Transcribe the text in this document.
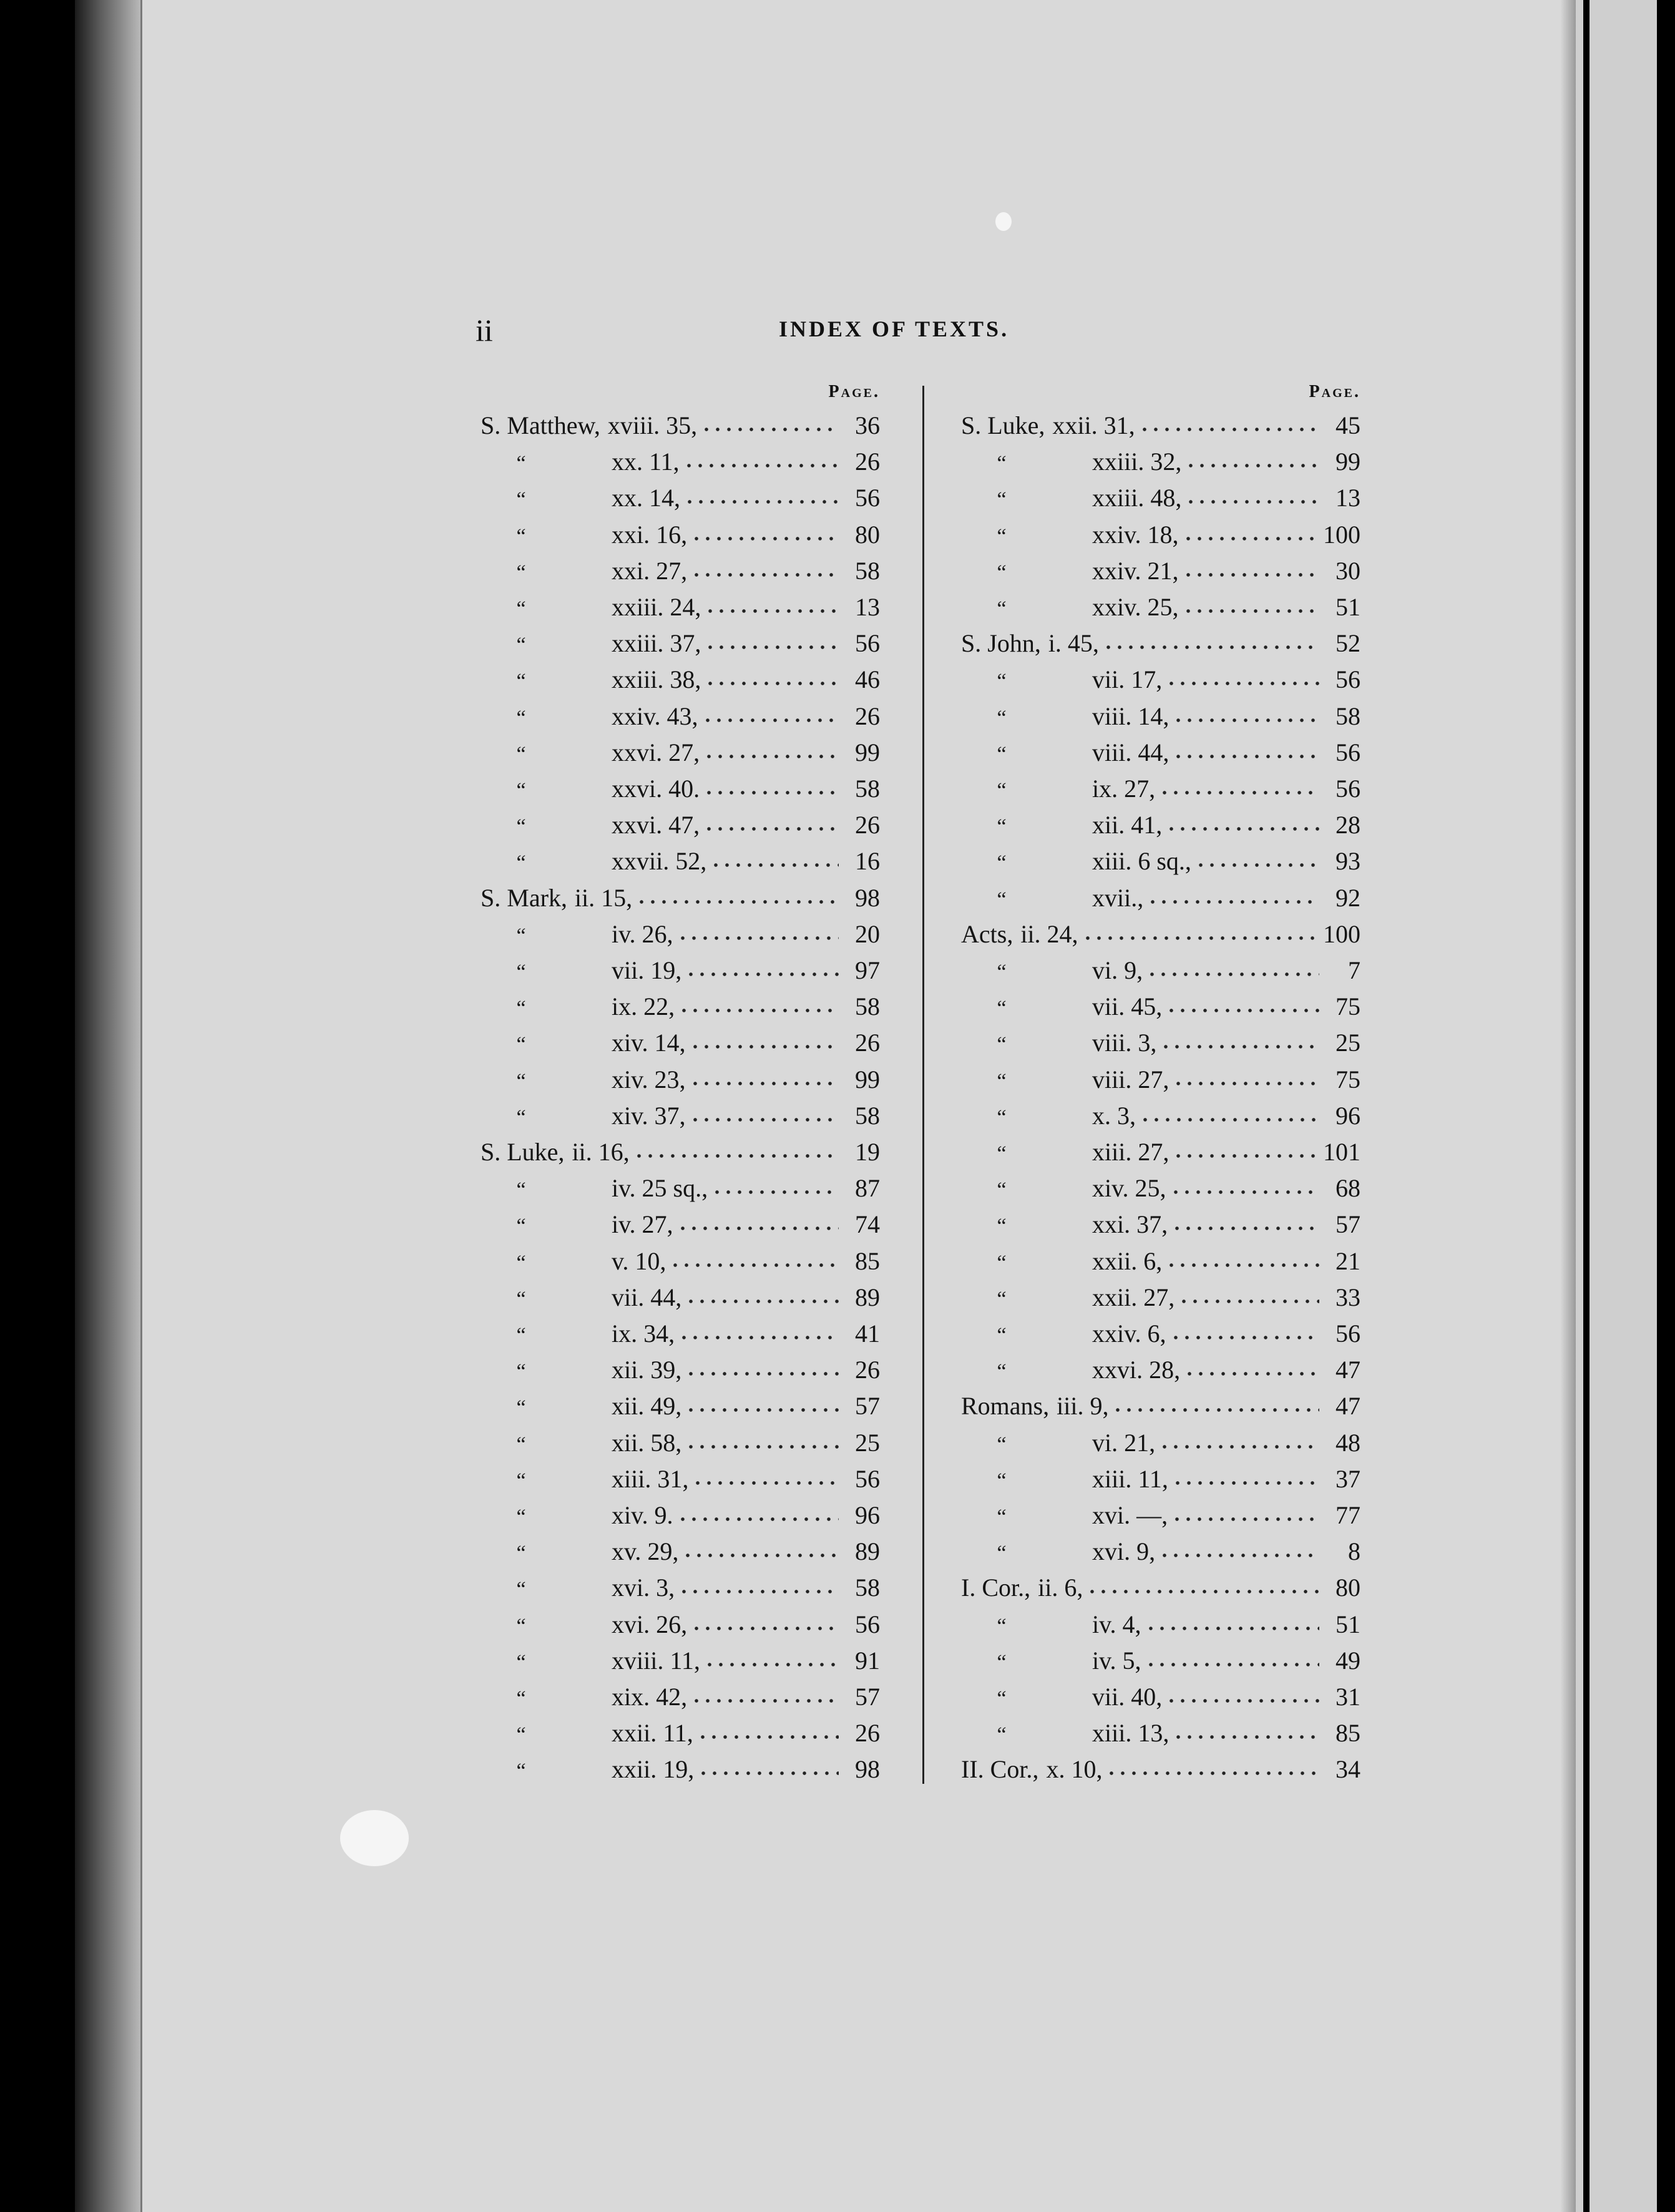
ii	INDEX OF TEXTS.
Page.
S. Matthew, xviii. 35,	36
“	xx. 11,	26
“	xx. 14,	56
“	xxi. 16,	80
“	xxi. 27,	58
“	xxiii. 24,	13
“	xxiii. 37,	56
“	xxiii. 38,	46
“	xxiv. 43,	26
“	xxvi. 27,	99
“	xxvi. 40.	58
“	xxvi. 47,	26
“	xxvii. 52,	16
S. Mark, ii. 15,	98
“	iv. 26,	20
“	vii. 19,	97
“	ix. 22,	58
“	xiv. 14,	26
“	xiv. 23,	99
“	xiv. 37,	58
S. Luke, ii. 16,	19
“	iv. 25 sq.,	87
“	iv. 27,	74
“	v. 10,	85
“	vii. 44,	89
“	ix. 34,	41
“	xii. 39,	26
“	xii. 49,	57
“	xii. 58,	25
“	xiii. 31,	56
“	xiv. 9.	96
“	xv. 29,	89
“	xvi. 3,	58
“	xvi. 26,	56
“	xviii. 11,	91
“	xix. 42,	57
“	xxii. 11,	26
“	xxii. 19,	98
Page.
S. Luke, xxii. 31,	45
“	xxiii. 32,	99
“	xxiii. 48,	13
“	xxiv. 18,	100
“	xxiv. 21,	30
“	xxiv. 25,	51
S. John, i. 45,	52
“	vii. 17,	56
“	viii. 14,	58
“	viii. 44,	56
“	ix. 27,	56
“	xii. 41,	28
“	xiii. 6 sq.,	93
“	xvii.,	92
Acts, ii. 24,	100
“	vi. 9,	7
“	vii. 45,	75
“	viii. 3,	25
“	viii. 27,	75
“	x. 3,	96
“	xiii. 27,	101
“	xiv. 25,	68
“	xxi. 37,	57
“	xxii. 6,	21
“	xxii. 27,	33
“	xxiv. 6,	56
“	xxvi. 28,	47
Romans, iii. 9,	47
“	vi. 21,	48
“	xiii. 11,	37
“	xvi. —,	77
“	xvi. 9,	8
I. Cor., ii. 6,	80
“	iv. 4,	51
“	iv. 5,	49
“	vii. 40,	31
“	xiii. 13,	85
II. Cor., x. 10,	34
